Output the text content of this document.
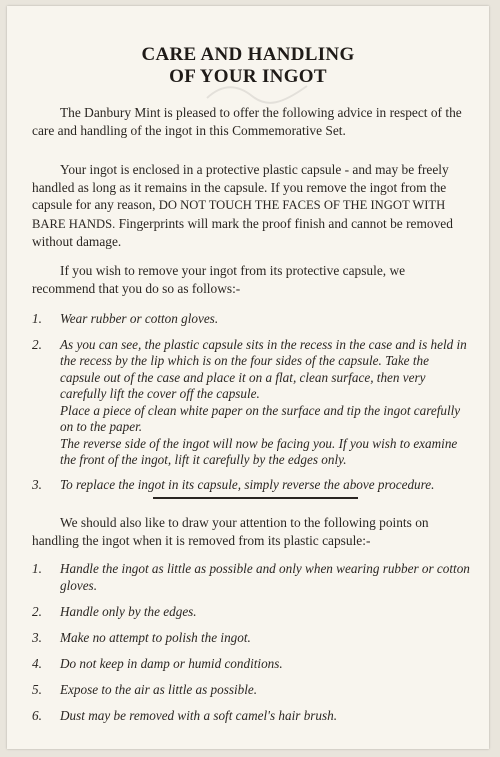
CARE AND HANDLING
OF YOUR INGOT

The Danbury Mint is pleased to offer the following advice in respect of the care and handling of the ingot in this Commemorative Set.

Your ingot is enclosed in a protective plastic capsule - and may be freely handled as long as it remains in the capsule. If you remove the ingot from the capsule for any reason, DO NOT TOUCH THE FACES OF THE INGOT WITH BARE HANDS. Fingerprints will mark the proof finish and cannot be removed without damage.

If you wish to remove your ingot from its protective capsule, we recommend that you do so as follows:-

1. Wear rubber or cotton gloves.
2. As you can see, the plastic capsule sits in the recess in the case and is held in the recess by the lip which is on the four sides of the capsule. Take the capsule out of the case and place it on a flat, clean surface, then very carefully lift the cover off the capsule.
Place a piece of clean white paper on the surface and tip the ingot carefully on to the paper.
The reverse side of the ingot will now be facing you. If you wish to examine the front of the ingot, lift it carefully by the edges only.
3. To replace the ingot in its capsule, simply reverse the above procedure.

We should also like to draw your attention to the following points on handling the ingot when it is removed from its plastic capsule:-

1. Handle the ingot as little as possible and only when wearing rubber or cotton gloves.
2. Handle only by the edges.
3. Make no attempt to polish the ingot.
4. Do not keep in damp or humid conditions.
5. Expose to the air as little as possible.
6. Dust may be removed with a soft camel's hair brush.
